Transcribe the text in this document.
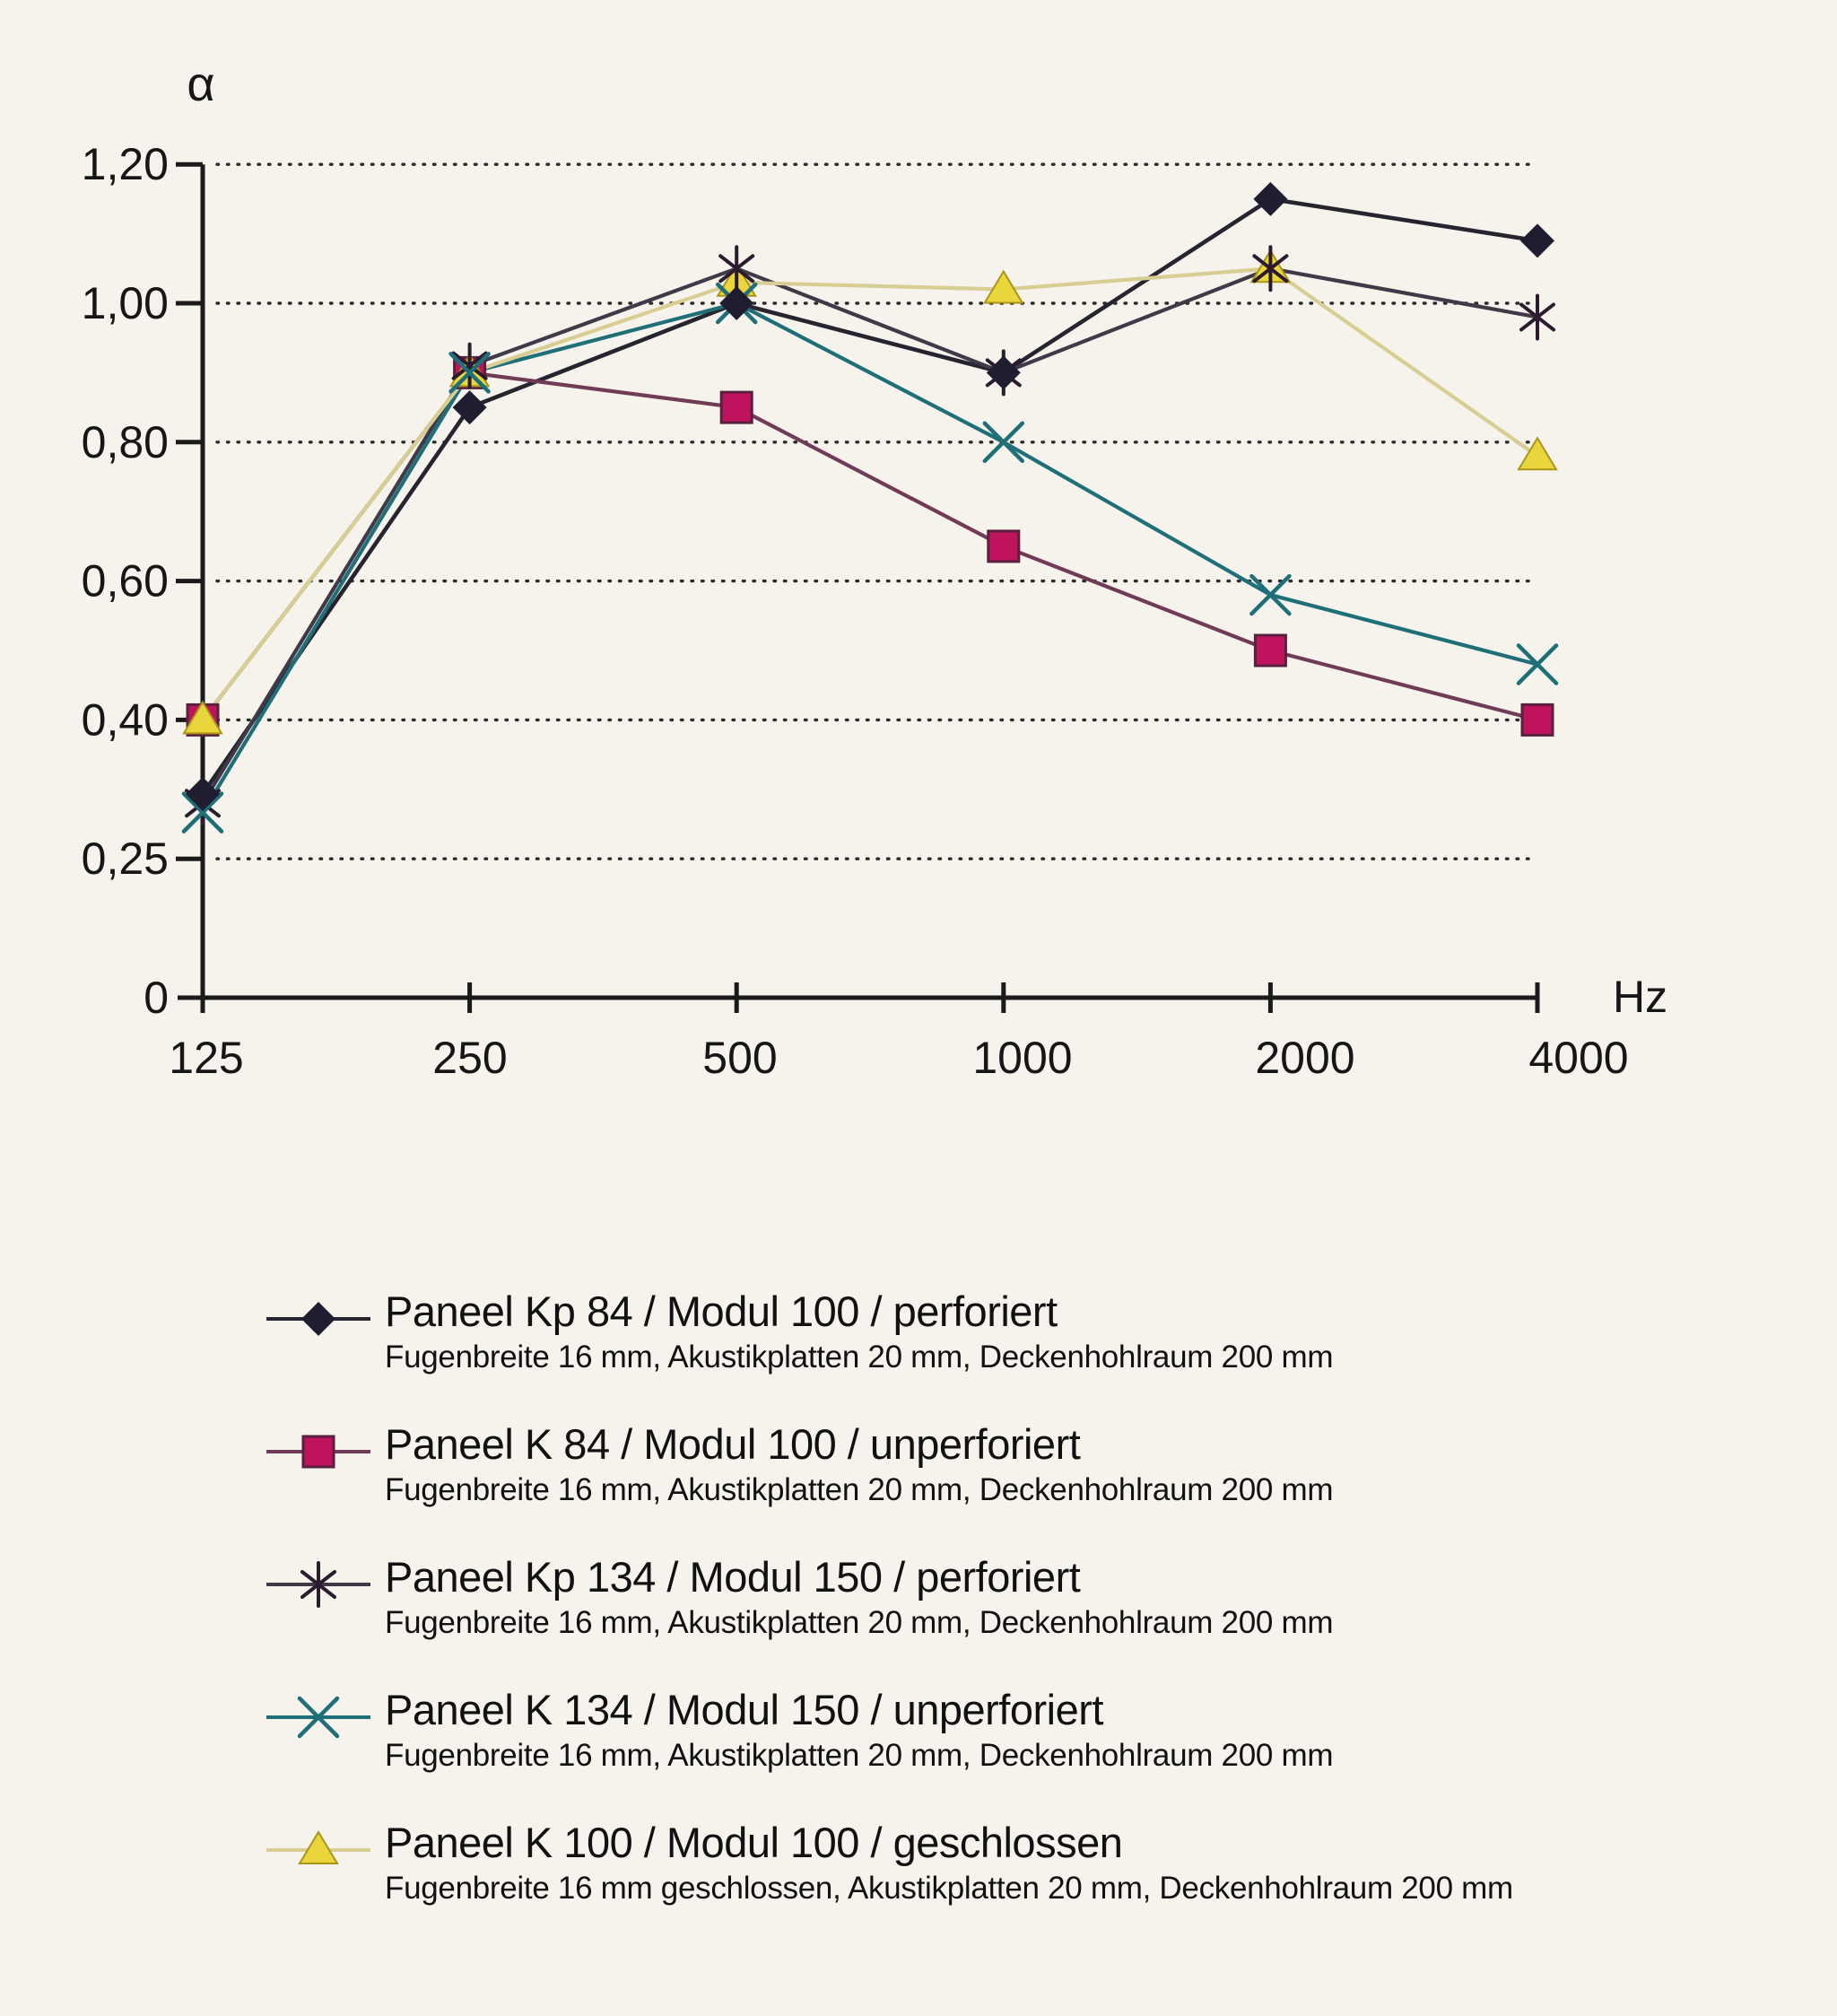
0
0,25
0,40
0,60
0,80
1,00
1,20
125	250	500	1000	2000	4000
α
Hz
Paneel Kp 84 / Modul 100 / perforiert
Fugenbreite 16 mm, Akustikplatten 20 mm, Deckenhohlraum 200 mm
Paneel K 84 / Modul 100 / unperforiert
Fugenbreite 16 mm, Akustikplatten 20 mm, Deckenhohlraum 200 mm
Paneel Kp 134 / Modul 150 / perforiert
Fugenbreite 16 mm, Akustikplatten 20 mm, Deckenhohlraum 200 mm
Paneel K 134 / Modul 150 / unperforiert
Fugenbreite 16 mm, Akustikplatten 20 mm, Deckenhohlraum 200 mm
Paneel K 100 / Modul 100 / geschlossen
Fugenbreite 16 mm geschlossen, Akustikplatten 20 mm, Deckenhohlraum 200 mm
